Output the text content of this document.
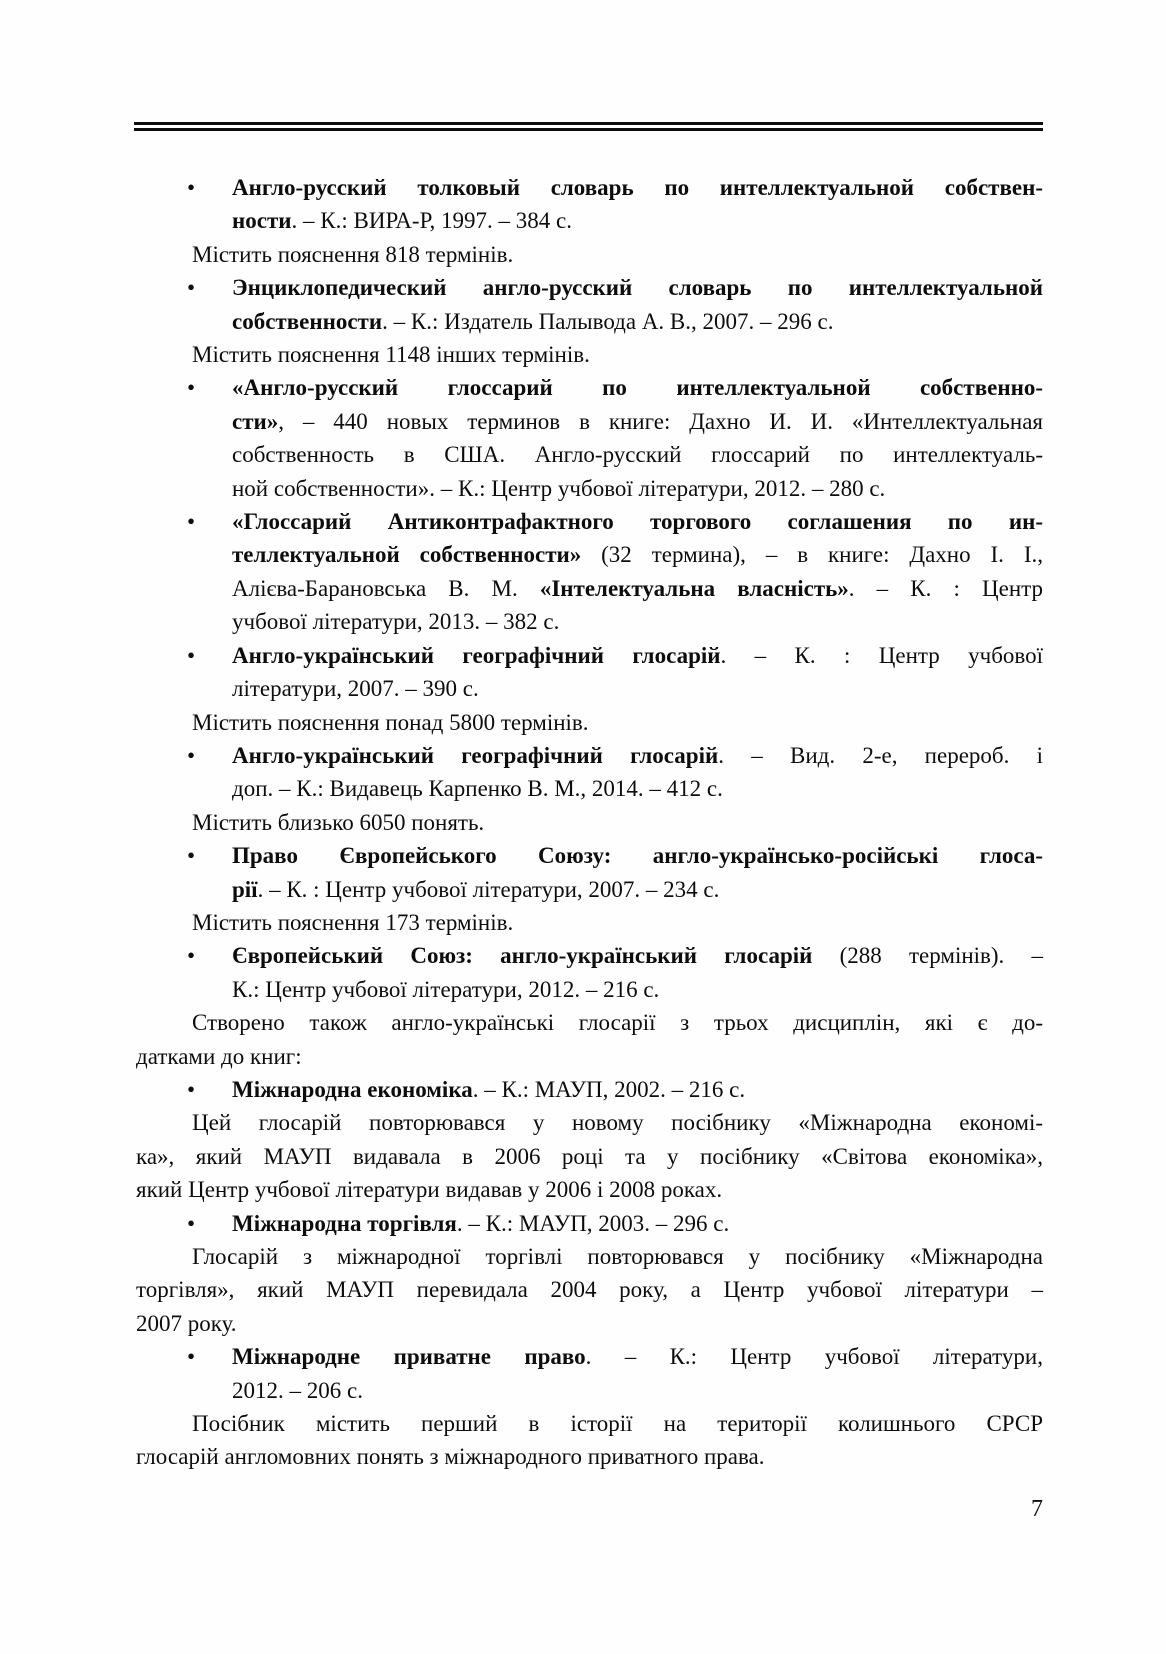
•	Англо-русский толковый словарь по интеллектуальной собствен-
ности. – К.: ВИРА-Р, 1997. – 384 с.
Містить пояснення 818 термінів.
•	Энциклопедический англо-русский словарь по интеллектуальной
собственности. – К.: Издатель Палывода А. В., 2007. – 296 с.
Містить пояснення 1148 інших термінів.
•	«Англо-русский глоссарий по интеллектуальной собственно-
сти», – 440 новых терминов в книге: Дахно И. И. «Интеллектуальная
собственность в США. Англо-русский глоссарий по интеллектуаль-
ной собственности». – К.: Центр учбової літератури, 2012. – 280 с.
•	«Глоссарий Антиконтрафактного торгового соглашения по ин-
теллектуальной собственности» (32 термина), – в книге: Дахно І. І.,
Алієва-Барановська В. М. «Інтелектуальна власність». – К. : Центр
учбової літератури, 2013. – 382 с.
•	Англо-український географічний глосарій. – К. : Центр учбової
літератури, 2007. – 390 с.
Містить пояснення понад 5800 термінів.
•	Англо-український географічний глосарій. – Вид. 2-е, перероб. і
доп. – К.: Видавець Карпенко В. М., 2014. – 412 с.
Містить близько 6050 понять.
•	Право Європейського Союзу: англо-українсько-російські глоса-
рії. – К. : Центр учбової літератури, 2007. – 234 с.
Містить пояснення 173 термінів.
•	Європейський Союз: англо-український глосарій (288 термінів). –
К.: Центр учбової літератури, 2012. – 216 с.
Створено також англо-українські глосарії з трьох дисциплін, які є до-
датками до книг:
•	Міжнародна економіка. – К.: МАУП, 2002. – 216 с.
Цей глосарій повторювався у новому посібнику «Міжнародна економі-
ка», який МАУП видавала в 2006 році та у посібнику «Світова економіка»,
який Центр учбової літератури видавав у 2006 і 2008 роках.
•	Міжнародна торгівля. – К.: МАУП, 2003. – 296 с.
Глосарій з міжнародної торгівлі повторювався у посібнику «Міжнародна
торгівля», який МАУП перевидала 2004 року, а Центр учбової літератури –
2007 року.
•	Міжнародне приватне право. – К.: Центр учбової літератури,
2012. – 206 с.
Посібник містить перший в історії на території колишнього СРСР
глосарій англомовних понять з міжнародного приватного права.
7
